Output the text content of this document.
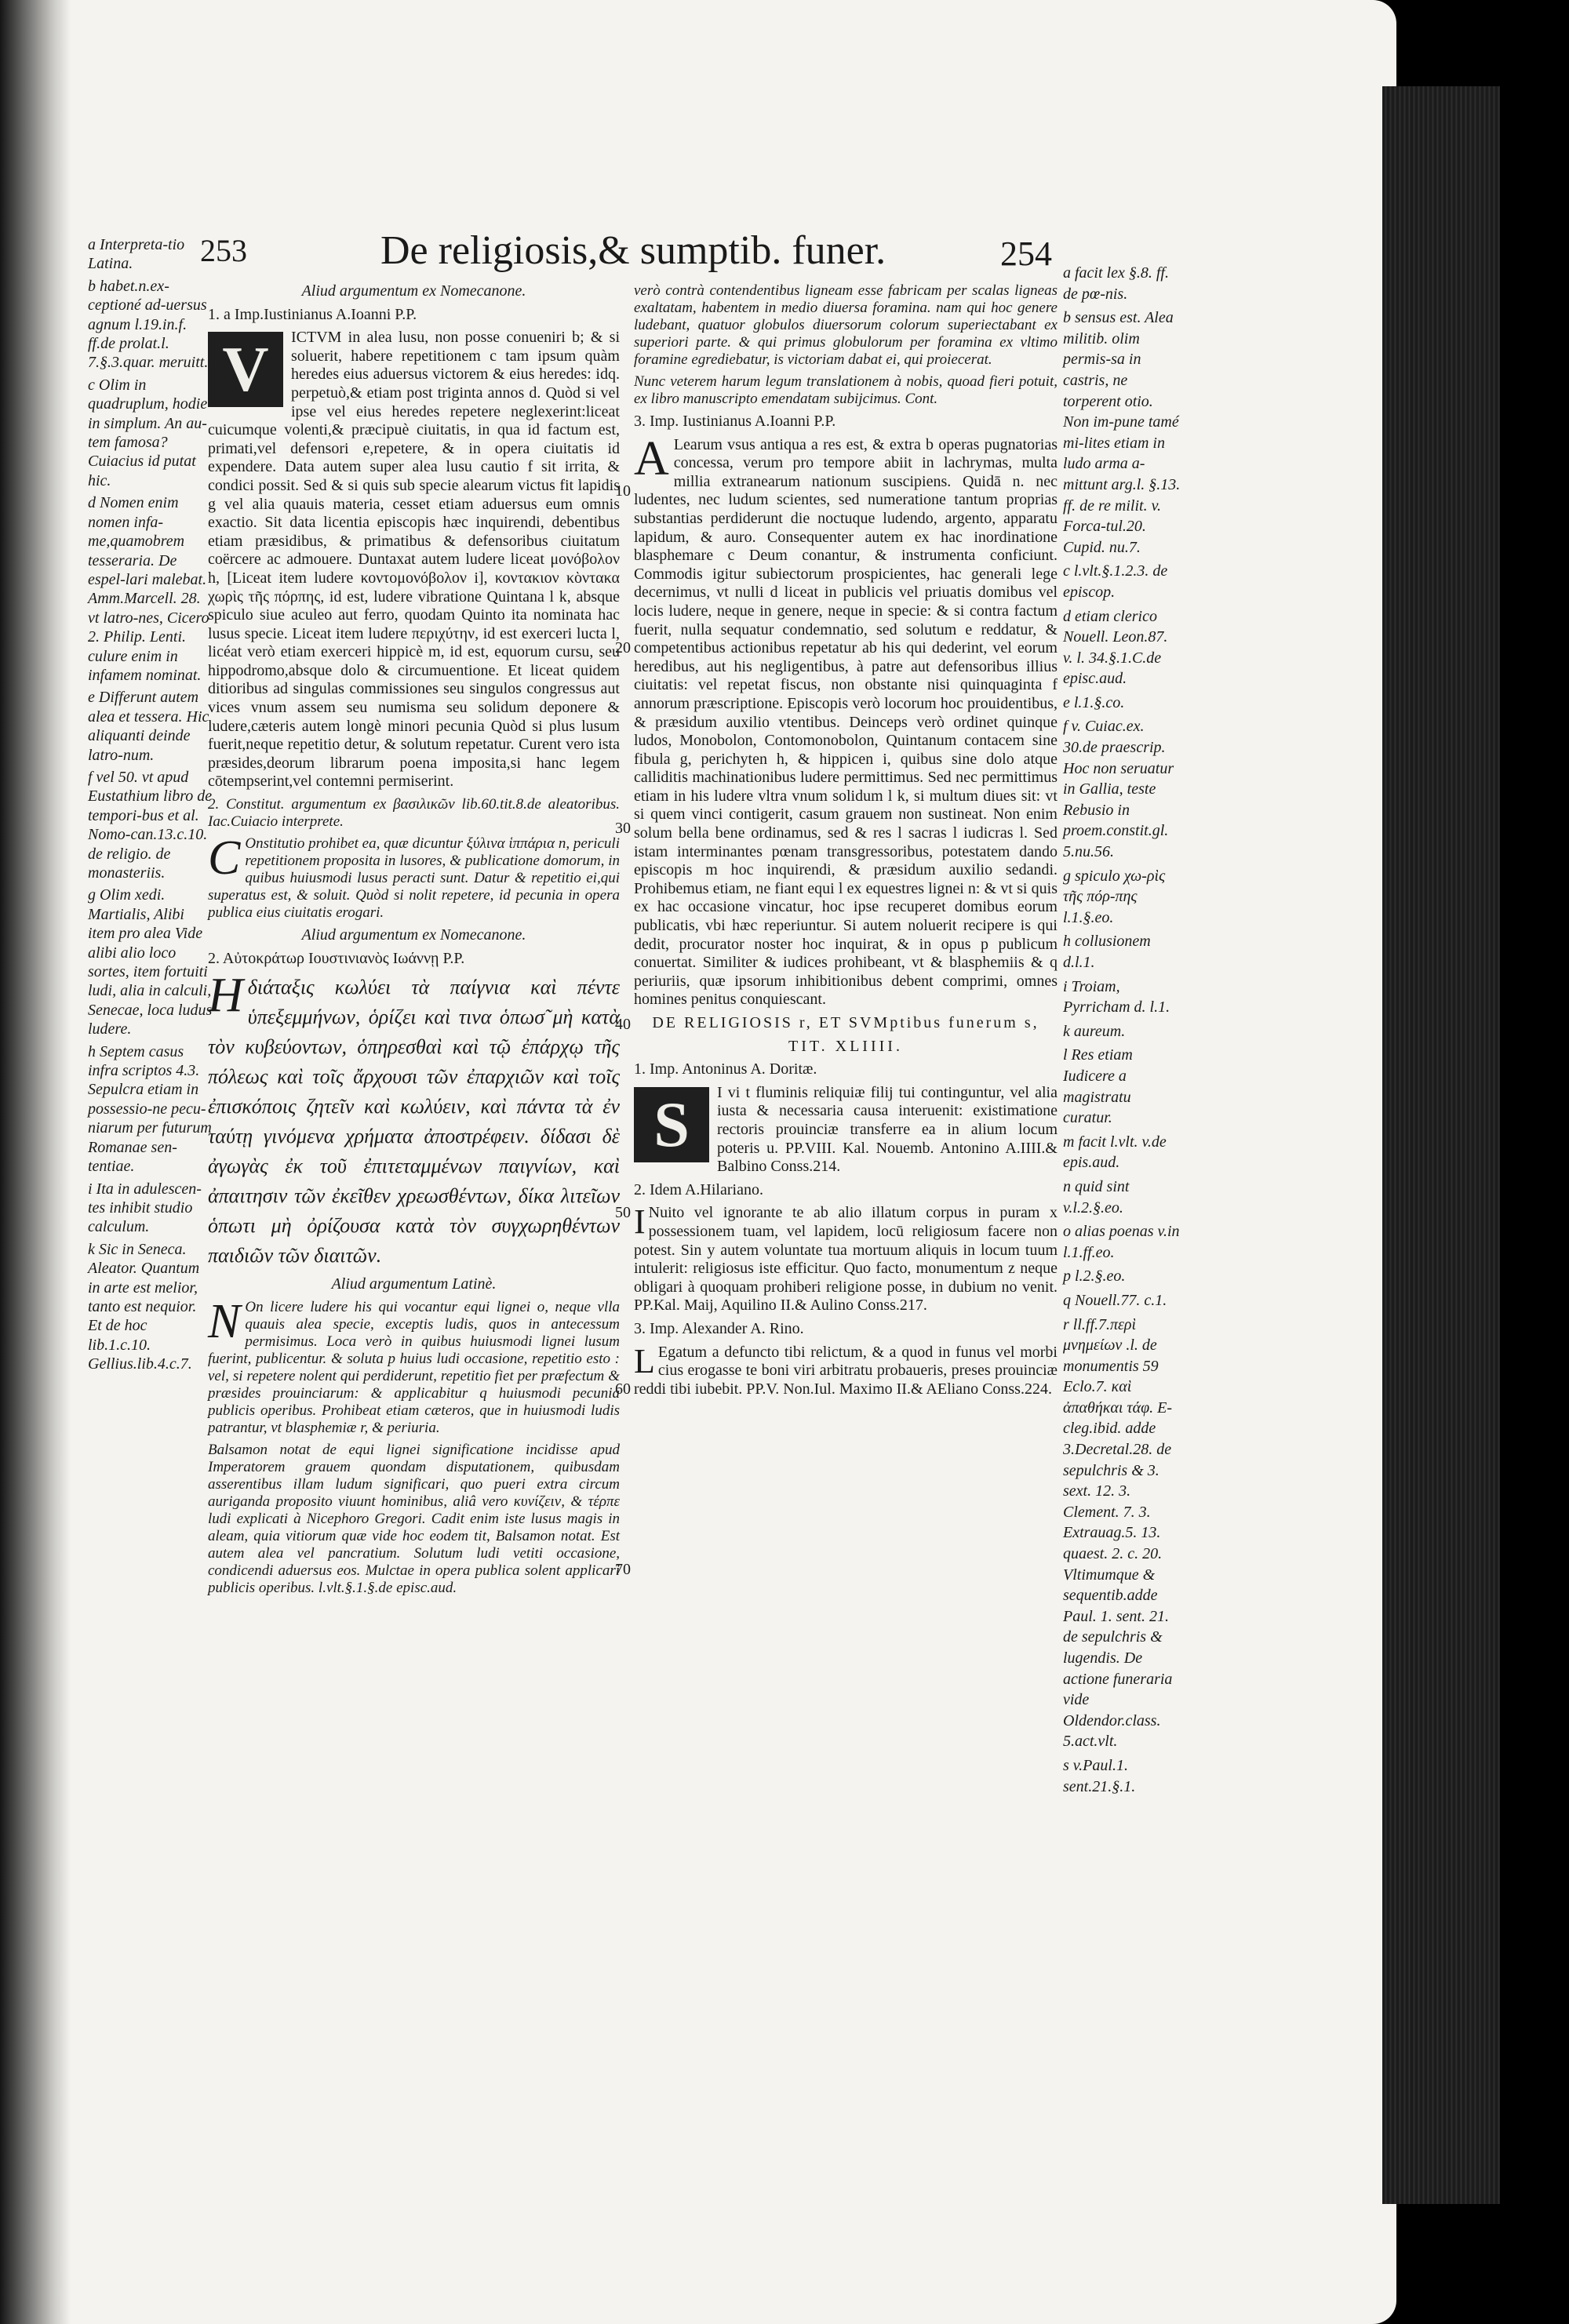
253	De religiosis,& sumptib. funer.	254
a Interpreta-tio Latina.
b habet.n.ex-ceptioné ad-uersus agnum l.19.in.f. ff.de prolat.l. 7.§.3.quar. meruitt.
c Olim in quadruplum, hodie in simplum. An au-tem famosa? Cuiacius id putat hic.
d Nomen enim nomen infa-me,quamobrem tesseraria. De espel-lari malebat. Amm.Marcell. 28. vt latro-nes, Cicero 2. Philip. Lenti. culure enim in infamem nominat.
e Differunt autem alea et tessera. Hic aliquanti deinde latro-num.
f vel 50. vt apud Eustathium libro de tempori-bus et al. Nomo-can.13.c.10. de religio. de monasteriis.
g Olim xedi. Martialis, Alibi item pro alea Vide alibi alio loco sortes, item fortuiti ludi, alia in calculi, Senecae, loca ludus ludere.
h Septem casus infra scriptos 4.3. Sepulcra etiam in possessio-ne pecu-niarum per futurum Romanae sen-tentiae.
i Ita in adulescen-tes inhibit studio calculum.
k Sic in Seneca. Aleator. Quantum in arte est melior, tanto est nequior. Et de hoc lib.1.c.10. Gellius.lib.4.c.7.
a facit lex §.8. ff. de pœ-nis.
b sensus est. Alea militib. olim permis-sa in castris, ne torperent otio. Non im-pune tamé mi-lites etiam in ludo arma a-mittunt arg.l. §.13. ff. de re milit. v. Forca-tul.20. Cupid. nu.7.
c l.vlt.§.1.2.3. de episcop.
d etiam clerico Nouell. Leon.87. v. l. 34.§.1.C.de episc.aud.
e l.1.§.co.
f v. Cuiac.ex. 30.de praescrip. Hoc non seruatur in Gallia, teste Rebusio in proem.constit.gl. 5.nu.56.
g spiculo χω-ρὶς τῆς πόρ-πης l.1.§.eo.
h collusionem d.l.1.
i Troiam, Pyrricham d. l.1.
k aureum.
l Res etiam Iudicere a magistratu curatur.
m facit l.vlt. v.de epis.aud.
n quid sint v.l.2.§.eo.
o alias poenas v.in l.1.ff.eo.
p l.2.§.eo.
q Nouell.77. c.1.
r ll.ff.7.περὶ μνημείων .l. de monumentis 59 Eclo.7. καὶ ἀπαθήκαι τάφ. E-cleg.ibid. adde 3.Decretal.28. de sepulchris & 3. sext. 12. 3. Clement. 7. 3. Extrauag.5. 13. quaest. 2. c. 20. Vltimumque & sequentib.adde Paul. 1. sent. 21. de sepulchris & lugendis. De actione funeraria vide Oldendor.class. 5.act.vlt.
s v.Paul.1. sent.21.§.1.

Aliud argumentum ex Nomecanone.

1. a Imp.Iustinianus A.Ioanni P.P.

V	ICTVM in alea lusu, non posse conueniri b; & si soluerit, habere repetitionem c tam ipsum quàm heredes eius aduersus victorem & eius heredes: idq. perpetuò,& etiam post triginta annos d. Quòd si vel ipse vel eius heredes repetere neglexerint:liceat cuicumque volenti,& præcipuè ciuitatis, in qua id factum est, primati,vel defensori e,repetere, & in opera ciuitatis id expendere. Data autem super alea lusu cautio f sit irrita, & condici possit. Sed & si quis sub specie alearum victus fit lapidis g vel alia quauis materia, cesset etiam aduersus eum omnis exactio. Sit data licentia episcopis hæc inquirendi, debentibus etiam præsidibus, & primatibus & defensoribus ciuitatum coërcere ac admouere. Duntaxat autem ludere liceat μονόβολον h, [Liceat item ludere κοντομονόβολον i], κοντακιον κὸντακα χωρὶς τῆς πόρπης, id est, ludere vibratione Quintana l k, absque spiculo siue aculeo aut ferro, quodam Quinto ita nominata hac lusus specie. Liceat item ludere περιχύτην, id est exerceri lucta l, licéat verò etiam exerceri hippicè m, id est, equorum cursu, seu hippodromo,absque dolo & circumuentione. Et liceat quidem ditioribus ad singulas commissiones seu singulos congressus aut vices vnum assem seu numisma seu solidum deponere & ludere,cæteris autem longè minori pecunia Quòd si plus lusum fuerit,neque repetitio detur, & solutum repetatur. Curent vero ista præsides,deorum librarum poena imposita,si hanc legem cōtempserint,vel contemni permiserint.

2. Constitut. argumentum ex βασιλικῶν lib.60.tit.8.de aleatoribus. Iac.Cuiacio interprete.

C Onstitutio prohibet ea, quæ dicuntur ξύλινα ἱππάρια n, periculi repetitionem proposita in lusores, & publicatione domorum, in quibus huiusmodi lusus peracti sunt. Datur & repetitio ei,qui superatus est, & soluit. Quòd si nolit repetere, id pecunia in opera publica eius ciuitatis erogari.

Aliud argumentum ex Nomecanone.

2. Αὐτοκράτωρ Ιουστινιανὸς Ιωάννῃ P.P.

Hδιάταξις κωλύει τὰ παίγνια καὶ πέντε ὑπεξεμμήνων, ὁρίζει καὶ τινα ὁπωσ̃ μὴ κατὰ τὸν κυβεύοντων, ὁπηρεσθαὶ καὶ τῷ ἐπάρχῳ τῆς πόλεως καὶ τοῖς ἄρχουσι τῶν ἐπαρχιῶν καὶ τοῖς ἐπισκόποις ζητεῖν καὶ κωλύειν, καὶ πάντα τὰ ἐν ταύτῃ γινόμενα χρήματα ἀποστρέφειν. δίδασι δὲ ἀγωγὰς ἐκ τοῦ ἐπιτεταμμένων παιγνίων, καὶ ἀπαιτησιν τῶν ἐκεῖθεν χρεωσθέντων, δίκα λιτεῖων ὁπωτι μὴ ὀρίζουσα κατὰ τὸν συγχωρηθέντων παιδιῶν τῶν διαιτῶν.

Aliud argumentum Latinè.

N On licere ludere his qui vocantur equi lignei o, neque vlla quauis alea specie, exceptis ludis, quos in antecessum permisimus. Loca verò in quibus huiusmodi lignei lusum fuerint, publicentur. & soluta p huius ludi occasione, repetitio esto : vel, si repetere nolent qui perdiderunt, repetitio fiet per præfectum & præsides prouinciarum: & applicabitur q huiusmodi pecunia publicis operibus. Prohibeat etiam cæteros, que in huiusmodi ludis patrantur, vt blasphemiæ r, & periuria.

Balsamon notat de equi lignei significatione incidisse apud Imperatorem grauem quondam disputationem, quibusdam asserentibus illam ludum significari, quo pueri extra circum auriganda proposito viuunt hominibus, aliâ vero κυνίζειν, & τέρπε ludi explicati à Nicephoro Gregori. Cadit enim iste lusus magis in aleam, quia vitiorum quæ vide hoc eodem tit, Balsamon notat. Est autem alea vel pancratium. Solutum ludi vetiti occasione, condicendi aduersus eos. Mulctae in opera publica solent applicari publicis operibus. l.vlt.§.1.§.de episc.aud.

verò contrà contendentibus ligneam esse fabricam per scalas ligneas exaltatam, habentem in medio diuersa foramina. nam qui hoc genere ludebant, quatuor globulos diuersorum colorum superiectabant ex superiori parte. & qui primus globulorum per foramina ex vltimo foramine egrediebatur, is victoriam dabat ei, qui proiecerat.

Nunc veterem harum legum translationem à nobis, quoad fieri potuit, ex libro manuscripto emendatam subijcimus. Cont.

3. Imp. Iustinianus A.Ioanni P.P.

A Learum vsus antiqua a res est, & extra b operas pugnatorias concessa, verum pro tempore abiit in lachrymas, multa millia extranearum nationum suscipiens. Quidā n. nec ludentes, nec ludum scientes, sed numeratione tantum proprias substantias perdiderunt die noctuque ludendo, argento, apparatu lapidum, & auro. Consequenter autem ex hac inordinatione blasphemare c Deum conantur, & instrumenta conficiunt. Commodis igitur subiectorum prospicientes, hac generali lege decernimus, vt nulli d liceat in publicis vel priuatis domibus vel locis ludere, neque in genere, neque in specie: & si contra factum fuerit, nulla sequatur condemnatio, sed solutum e reddatur, & competentibus actionibus repetatur ab his qui dederint, vel eorum heredibus, aut his negligentibus, à patre aut defensoribus illius ciuitatis: vel repetat fiscus, non obstante nisi quinquaginta f annorum præscriptione. Episcopis verò locorum hoc prouidentibus, & præsidum auxilio vtentibus. Deinceps verò ordinet quinque ludos, Monobolon, Contomonobolon, Quintanum contacem sine fibula g, perichyten h, & hippicen i, quibus sine dolo atque calliditis machinationibus ludere permittimus. Sed nec permittimus etiam in his ludere vltra vnum solidum l k, si multum diues sit: vt si quem vinci contigerit, casum grauem non sustineat. Non enim solum bella bene ordinamus, sed & res l sacras l iudicras l. Sed istam interminantes pœnam transgressoribus, potestatem dando episcopis m hoc inquirendi, & præsidum auxilio sedandi. Prohibemus etiam, ne fiant equi l ex equestres lignei n: & vt si quis ex hac occasione vincatur, hoc ipse recuperet domibus eorum publicatis, vbi hæc reperiuntur. Si autem noluerit recipere is qui dedit, procurator noster hoc inquirat, & in opus p publicum conuertat. Similiter & iudices prohibeant, vt & blasphemiis & q periuriis, quæ ipsorum inhibitionibus debent comprimi, omnes homines penitus conquiescant.

DE RELIGIOSIS r, ET SVMptibus funerum s,

TIT. XLIIII.

1. Imp. Antoninus A. Doritæ.

S	I vi t fluminis reliquiæ filij tui continguntur, vel alia iusta & necessaria causa interuenit: existimatione rectoris prouinciæ transferre ea in alium locum poteris u. PP.VIII. Kal. Nouemb. Antonino A.IIII.& Balbino Conss.214.

2. Idem A.Hilariano.

I Nuito vel ignorante te ab alio illatum corpus in puram x possessionem tuam, vel lapidem, locū religiosum facere non potest. Sin y autem voluntate tua mortuum aliquis in locum tuum intulerit: religiosus iste efficitur. Quo facto, monumentum z neque obligari à quoquam prohiberi religione posse, in dubium no venit. PP.Kal. Maij, Aquilino II.& Aulino Conss.217.

3. Imp. Alexander A. Rino.

L Egatum a defuncto tibi relictum, & a quod in funus vel morbi cius erogasse te boni viri arbitratu probaueris, preses prouinciæ reddi tibi iubebit. PP.V. Non.Iul. Maximo II.& AEliano Conss.224.

10
20
30
40
50
60
70
